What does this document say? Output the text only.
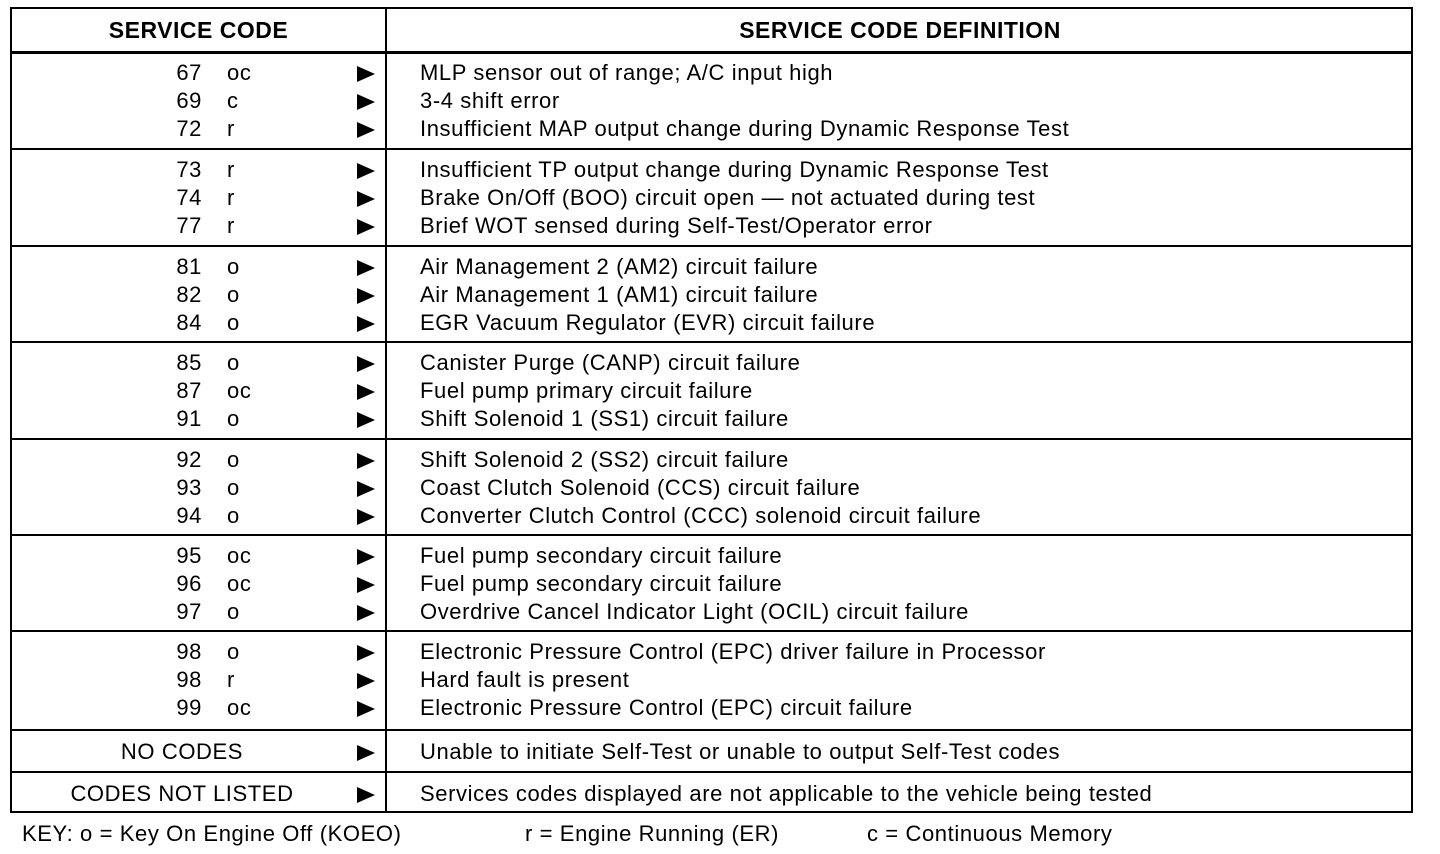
SERVICE CODE	SERVICE CODE DEFINITION
67 oc	MLP sensor out of range; A/C input high
69 c	3-4 shift error
72 r	Insufficient MAP output change during Dynamic Response Test
73 r	Insufficient TP output change during Dynamic Response Test
74 r	Brake On/Off (BOO) circuit open — not actuated during test
77 r	Brief WOT sensed during Self-Test/Operator error
81 o	Air Management 2 (AM2) circuit failure
82 o	Air Management 1 (AM1) circuit failure
84 o	EGR Vacuum Regulator (EVR) circuit failure
85 o	Canister Purge (CANP) circuit failure
87 oc	Fuel pump primary circuit failure
91 o	Shift Solenoid 1 (SS1) circuit failure
92 o	Shift Solenoid 2 (SS2) circuit failure
93 o	Coast Clutch Solenoid (CCS) circuit failure
94 o	Converter Clutch Control (CCC) solenoid circuit failure
95 oc	Fuel pump secondary circuit failure
96 oc	Fuel pump secondary circuit failure
97 o	Overdrive Cancel Indicator Light (OCIL) circuit failure
98 o	Electronic Pressure Control (EPC) driver failure in Processor
98 r	Hard fault is present
99 oc	Electronic Pressure Control (EPC) circuit failure
NO CODES	Unable to initiate Self-Test or unable to output Self-Test codes
CODES NOT LISTED	Services codes displayed are not applicable to the vehicle being tested
KEY: o = Key On Engine Off (KOEO)	r = Engine Running (ER)	c = Continuous Memory
